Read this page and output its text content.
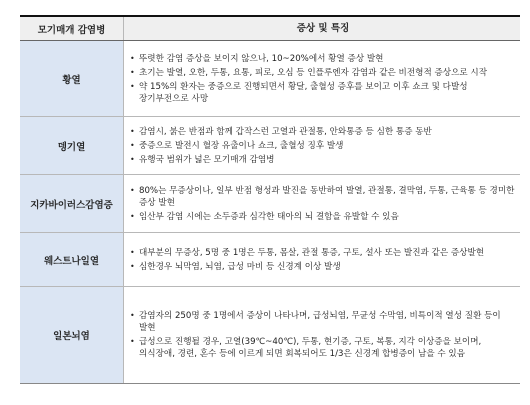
모기매개 감염병	증상 및 특징
황열
• 뚜렷한 감염 증상을 보이지 않으나, 10~20%에서 황열 증상 발현
• 초기는 발열, 오한, 두통, 요통, 피로, 오심 등 인플루엔자 감염과 같은 비전형적 증상으로 시작
• 약 15%의 환자는 중증으로 진행되면서 황달, 출혈성 증후를 보이고 이후 쇼크 및 다발성 장기부전으로 사망
뎅기열
• 감염시, 붉은 반점과 함께 갑작스런 고열과 관절통, 안와통증 등 심한 통증 동반
• 중증으로 발전시 혈장 유출이나 쇼크, 출혈성 징후 발생
• 유행국 범위가 넓은 모기매개 감염병
지카바이러스감염증
• 80%는 무증상이나, 일부 반점 형성과 발진을 동반하여 발열, 관절통, 결막염, 두통, 근육통 등 경미한 증상 발현
• 임산부 감염 시에는 소두증과 심각한 태아의 뇌 결함을 유발할 수 있음
웨스트나일열
• 대부분의 무증상, 5명 중 1명은 두통, 몸살, 관절 통증, 구토, 설사 또는 발진과 같은 증상발현
• 심한경우 뇌막염, 뇌염, 급성 마비 등 신경계 이상 발생
일본뇌염
• 감염자의 250명 중 1명에서 증상이 나타나며, 급성뇌염, 무균성 수막염, 비특이적 열성 질환 등이 발현
• 급성으로 진행될 경우, 고열(39℃~40℃), 두통, 현기증, 구토, 복통, 지각 이상증을 보이며, 의식장애, 경련, 혼수 등에 이르게 되면 회복되어도 1/3은 신경계 합병증이 남을 수 있음
